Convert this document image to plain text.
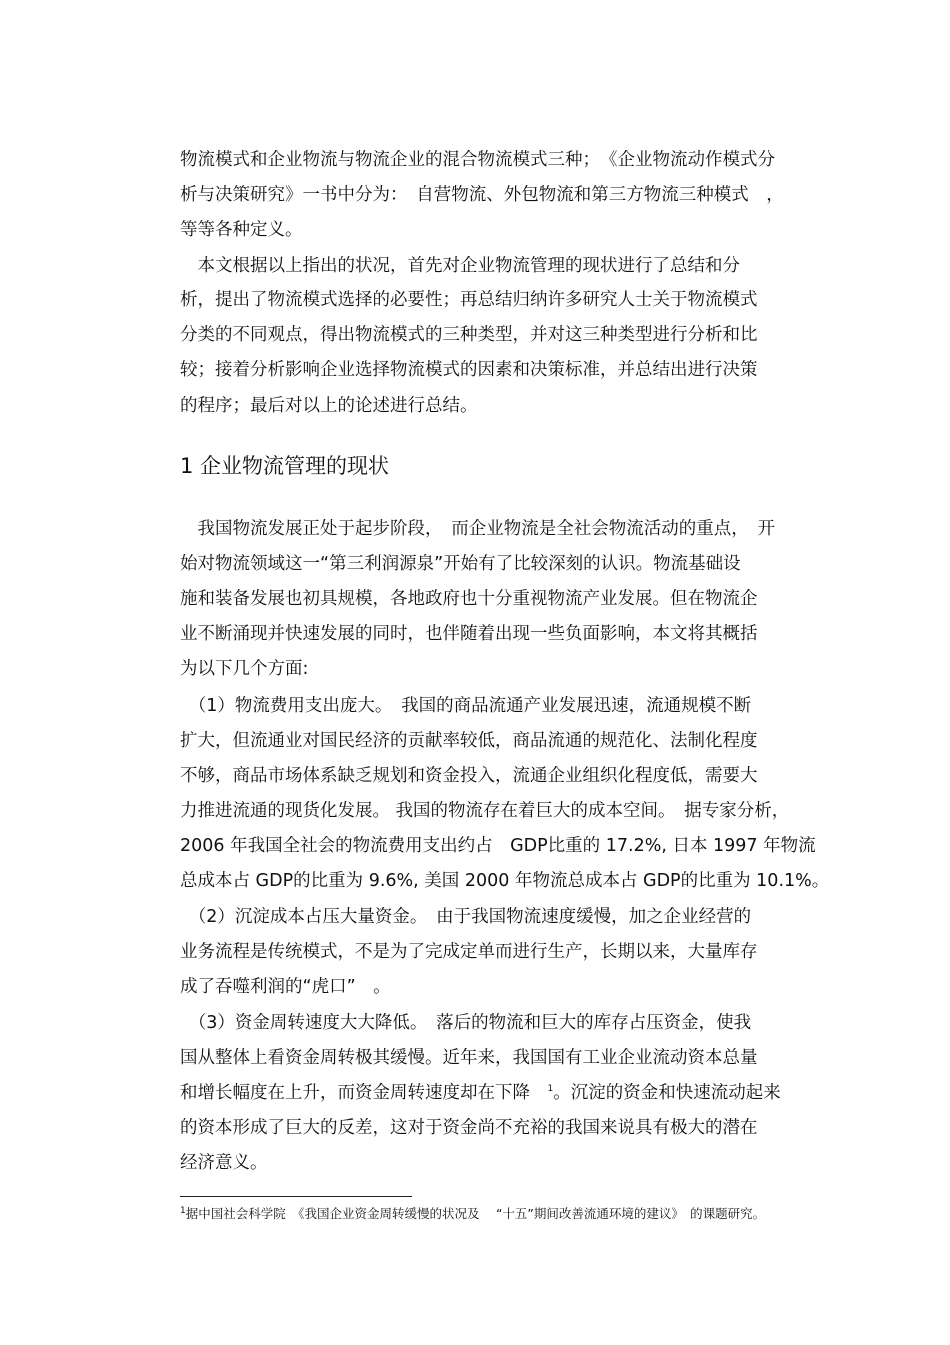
物流模式和企业物流与物流企业的混合物流模式三种；　《企业物流动作模式分
析与决策研究》一书中分为：　自营物流、外包物流和第三方物流三种模式　，
等等各种定义。
　本文根据以上指出的状况，首先对企业物流管理的现状进行了总结和分
析，提出了物流模式选择的必要性；再总结归纳许多研究人士关于物流模式
分类的不同观点，得出物流模式的三种类型，并对这三种类型进行分析和比
较；接着分析影响企业选择物流模式的因素和决策标准，并总结出进行决策
的程序；最后对以上的论述进行总结。
1 企业物流管理的现状
　我国物流发展正处于起步阶段，　而企业物流是全社会物流活动的重点，　开
始对物流领域这一“第三利润源泉”开始有了比较深刻的认识。物流基础设
施和装备发展也初具规模，各地政府也十分重视物流产业发展。但在物流企
业不断涌现并快速发展的同时，也伴随着出现一些负面影响，本文将其概括
为以下几个方面:
　（1）物流费用支出庞大。　我国的商品流通产业发展迅速，流通规模不断
扩大，但流通业对国民经济的贡献率较低，商品流通的规范化、法制化程度
不够，商品市场体系缺乏规划和资金投入，流通企业组织化程度低，需要大
力推进流通的现货化发展。 我国的物流存在着巨大的成本空间。　据专家分析，
2006 年我国全社会的物流费用支出约占　GDP比重的 17.2%, 日本 1997 年物流
总成本占 GDP的比重为 9.6%, 美国 2000 年物流总成本占 GDP的比重为 10.1%。
　（2）沉淀成本占压大量资金。　由于我国物流速度缓慢，加之企业经营的
业务流程是传统模式，不是为了完成定单而进行生产，长期以来，大量库存
成了吞噬利润的“虎口”　。
　（3）资金周转速度大大降低。　落后的物流和巨大的库存占压资金，使我
国从整体上看资金周转极其缓慢。近年来，我国国有工业企业流动资本总量
和增长幅度在上升，而资金周转速度却在下降　$^1$。沉淀的资金和快速流动起来
的资本形成了巨大的反差，这对于资金尚不充裕的我国来说具有极大的潜在
经济意义。
$^1$据中国社会科学院　《我国企业资金周转缓慢的状况及　 “十五”期间改善流通环境的建议》　的课题研究。
